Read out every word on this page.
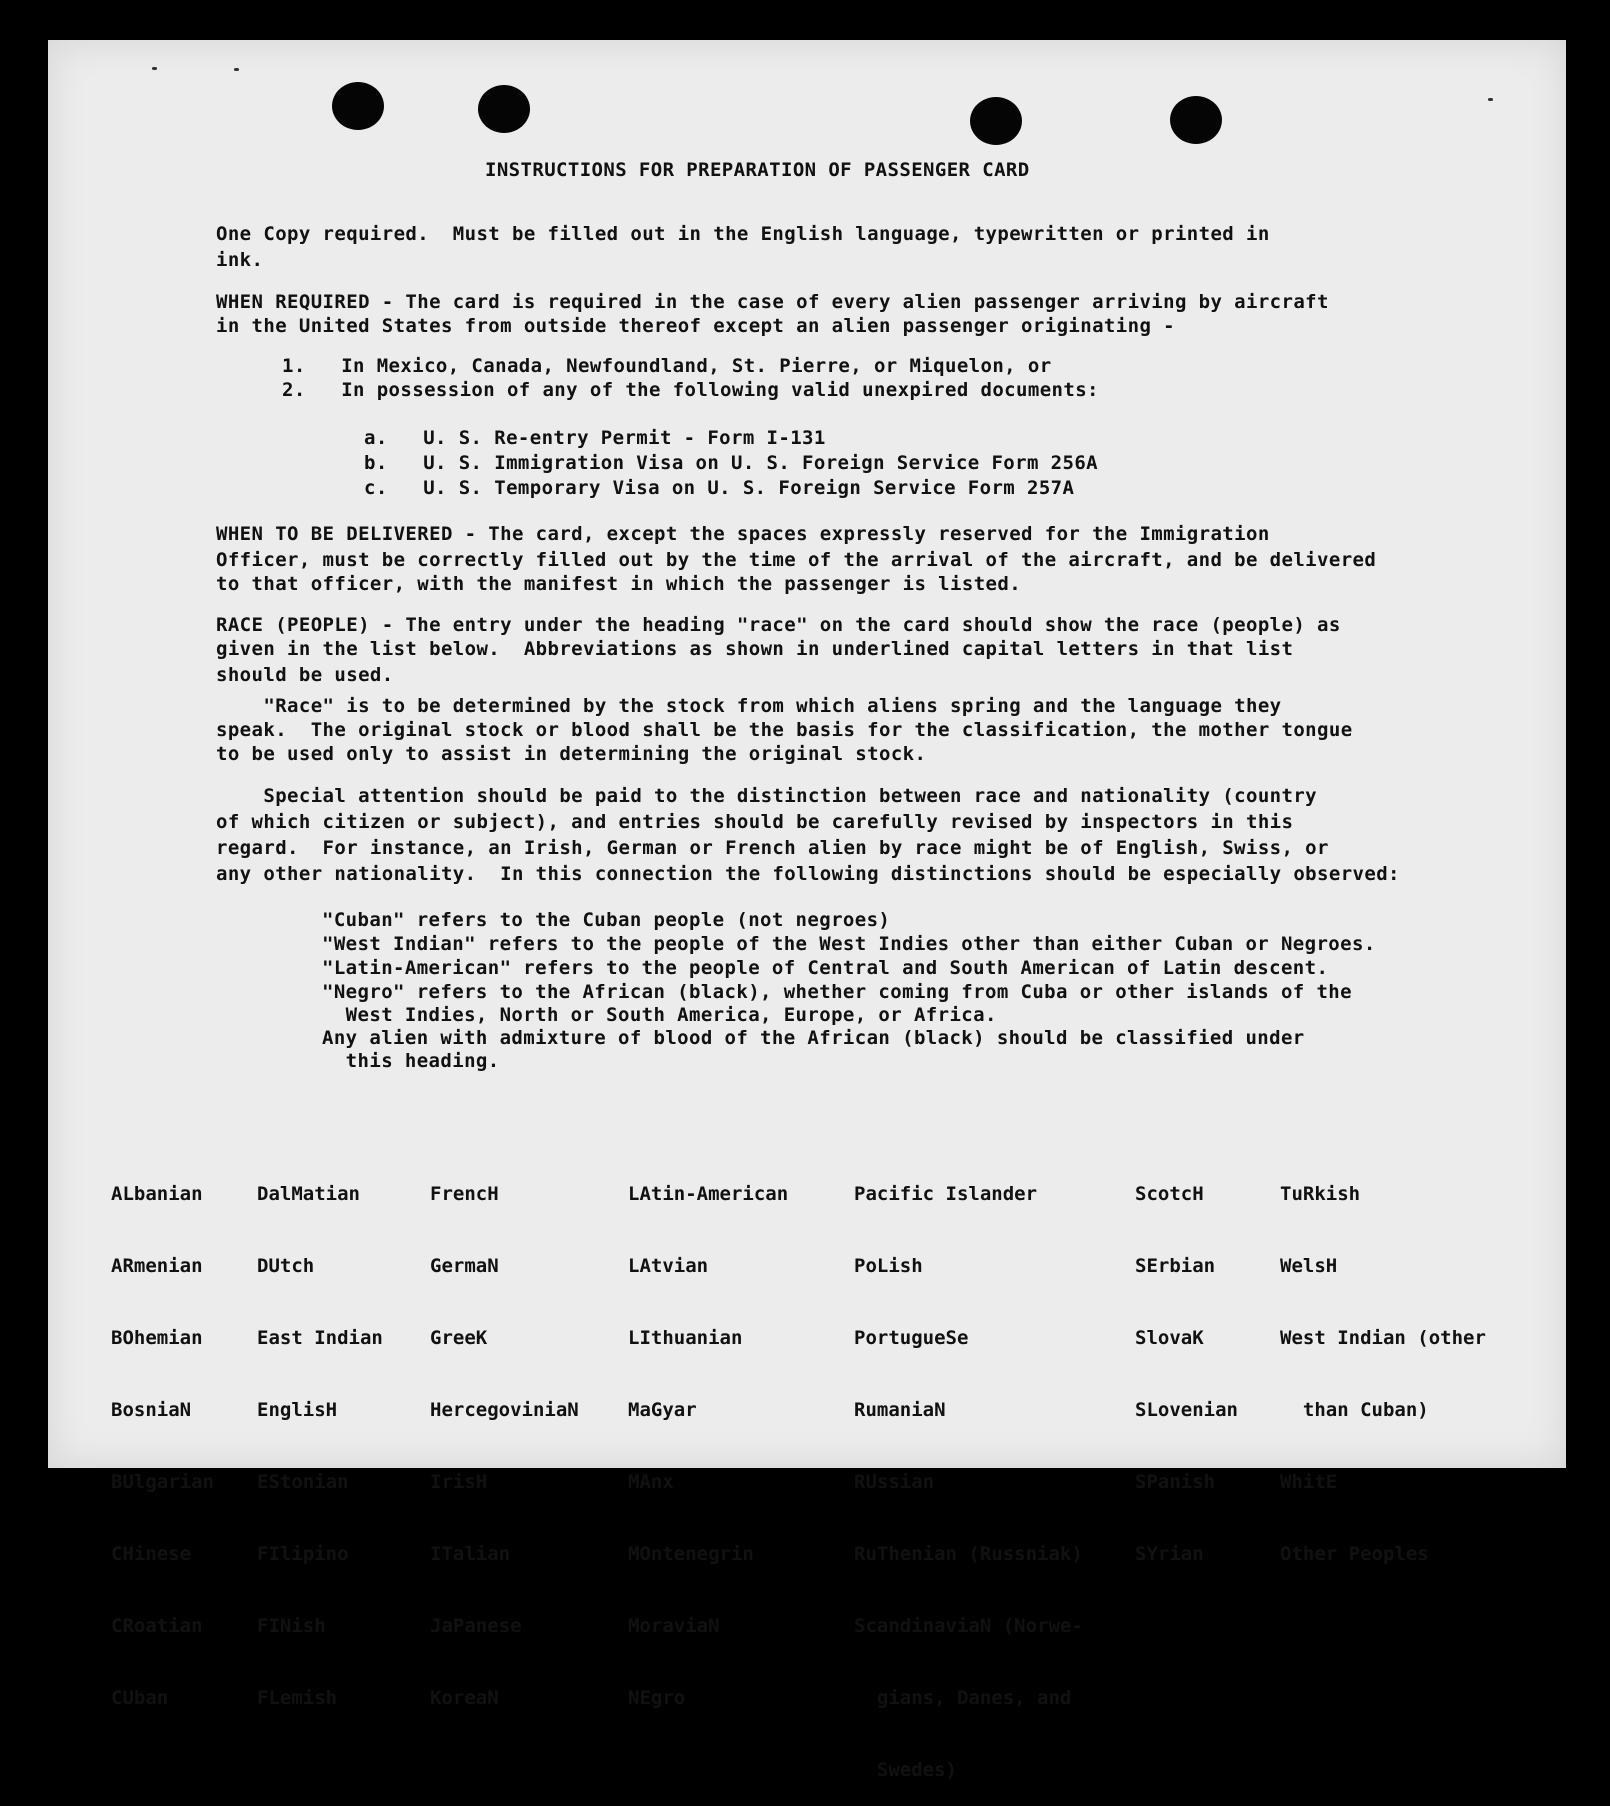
INSTRUCTIONS FOR PREPARATION OF PASSENGER CARD
One Copy required.  Must be filled out in the English language, typewritten or printed in
ink.
WHEN REQUIRED - The card is required in the case of every alien passenger arriving by aircraft
in the United States from outside thereof except an alien passenger originating -
1.   In Mexico, Canada, Newfoundland, St. Pierre, or Miquelon, or
2.   In possession of any of the following valid unexpired documents:
a.   U. S. Re-entry Permit - Form I-131
b.   U. S. Immigration Visa on U. S. Foreign Service Form 256A
c.   U. S. Temporary Visa on U. S. Foreign Service Form 257A
WHEN TO BE DELIVERED - The card, except the spaces expressly reserved for the Immigration
Officer, must be correctly filled out by the time of the arrival of the aircraft, and be delivered
to that officer, with the manifest in which the passenger is listed.
RACE (PEOPLE) - The entry under the heading "race" on the card should show the race (people) as
given in the list below.  Abbreviations as shown in underlined capital letters in that list
should be used.
"Race" is to be determined by the stock from which aliens spring and the language they
speak.  The original stock or blood shall be the basis for the classification, the mother tongue
to be used only to assist in determining the original stock.
Special attention should be paid to the distinction between race and nationality (country
of which citizen or subject), and entries should be carefully revised by inspectors in this
regard.  For instance, an Irish, German or French alien by race might be of English, Swiss, or
any other nationality.  In this connection the following distinctions should be especially observed:
"Cuban" refers to the Cuban people (not negroes)
"West Indian" refers to the people of the West Indies other than either Cuban or Negroes.
"Latin-American" refers to the people of Central and South American of Latin descent.
"Negro" refers to the African (black), whether coming from Cuba or other islands of the
West Indies, North or South America, Europe, or Africa.
Any alien with admixture of blood of the African (black) should be classified under
this heading.

ALbanian

ARmenian

BOhemian

BosniaN

BUlgarian

CHinese

CRoatian

CUban

DalMatian

DUtch

East Indian

EnglisH

EStonian

FIlipino

FINish

FLemish

FrencH

GermaN

GreeK

HercegoviniaN

IrisH

ITalian

JaPanese

KoreaN

LAtin-American

LAtvian

LIthuanian

MaGyar

MAnx

MOntenegrin

MoraviaN

NEgro

Pacific Islander

PoLish

PortugueSe

RumaniaN

RUssian

RuThenian (Russniak)

ScandinaviaN (Norwe-

gians, Danes, and

Swedes)

ScotcH

SErbian

SlovaK

SLovenian

SPanish

SYrian

TuRkish

WelsH

West Indian (other

than Cuban)

WhitE

Other Peoples
